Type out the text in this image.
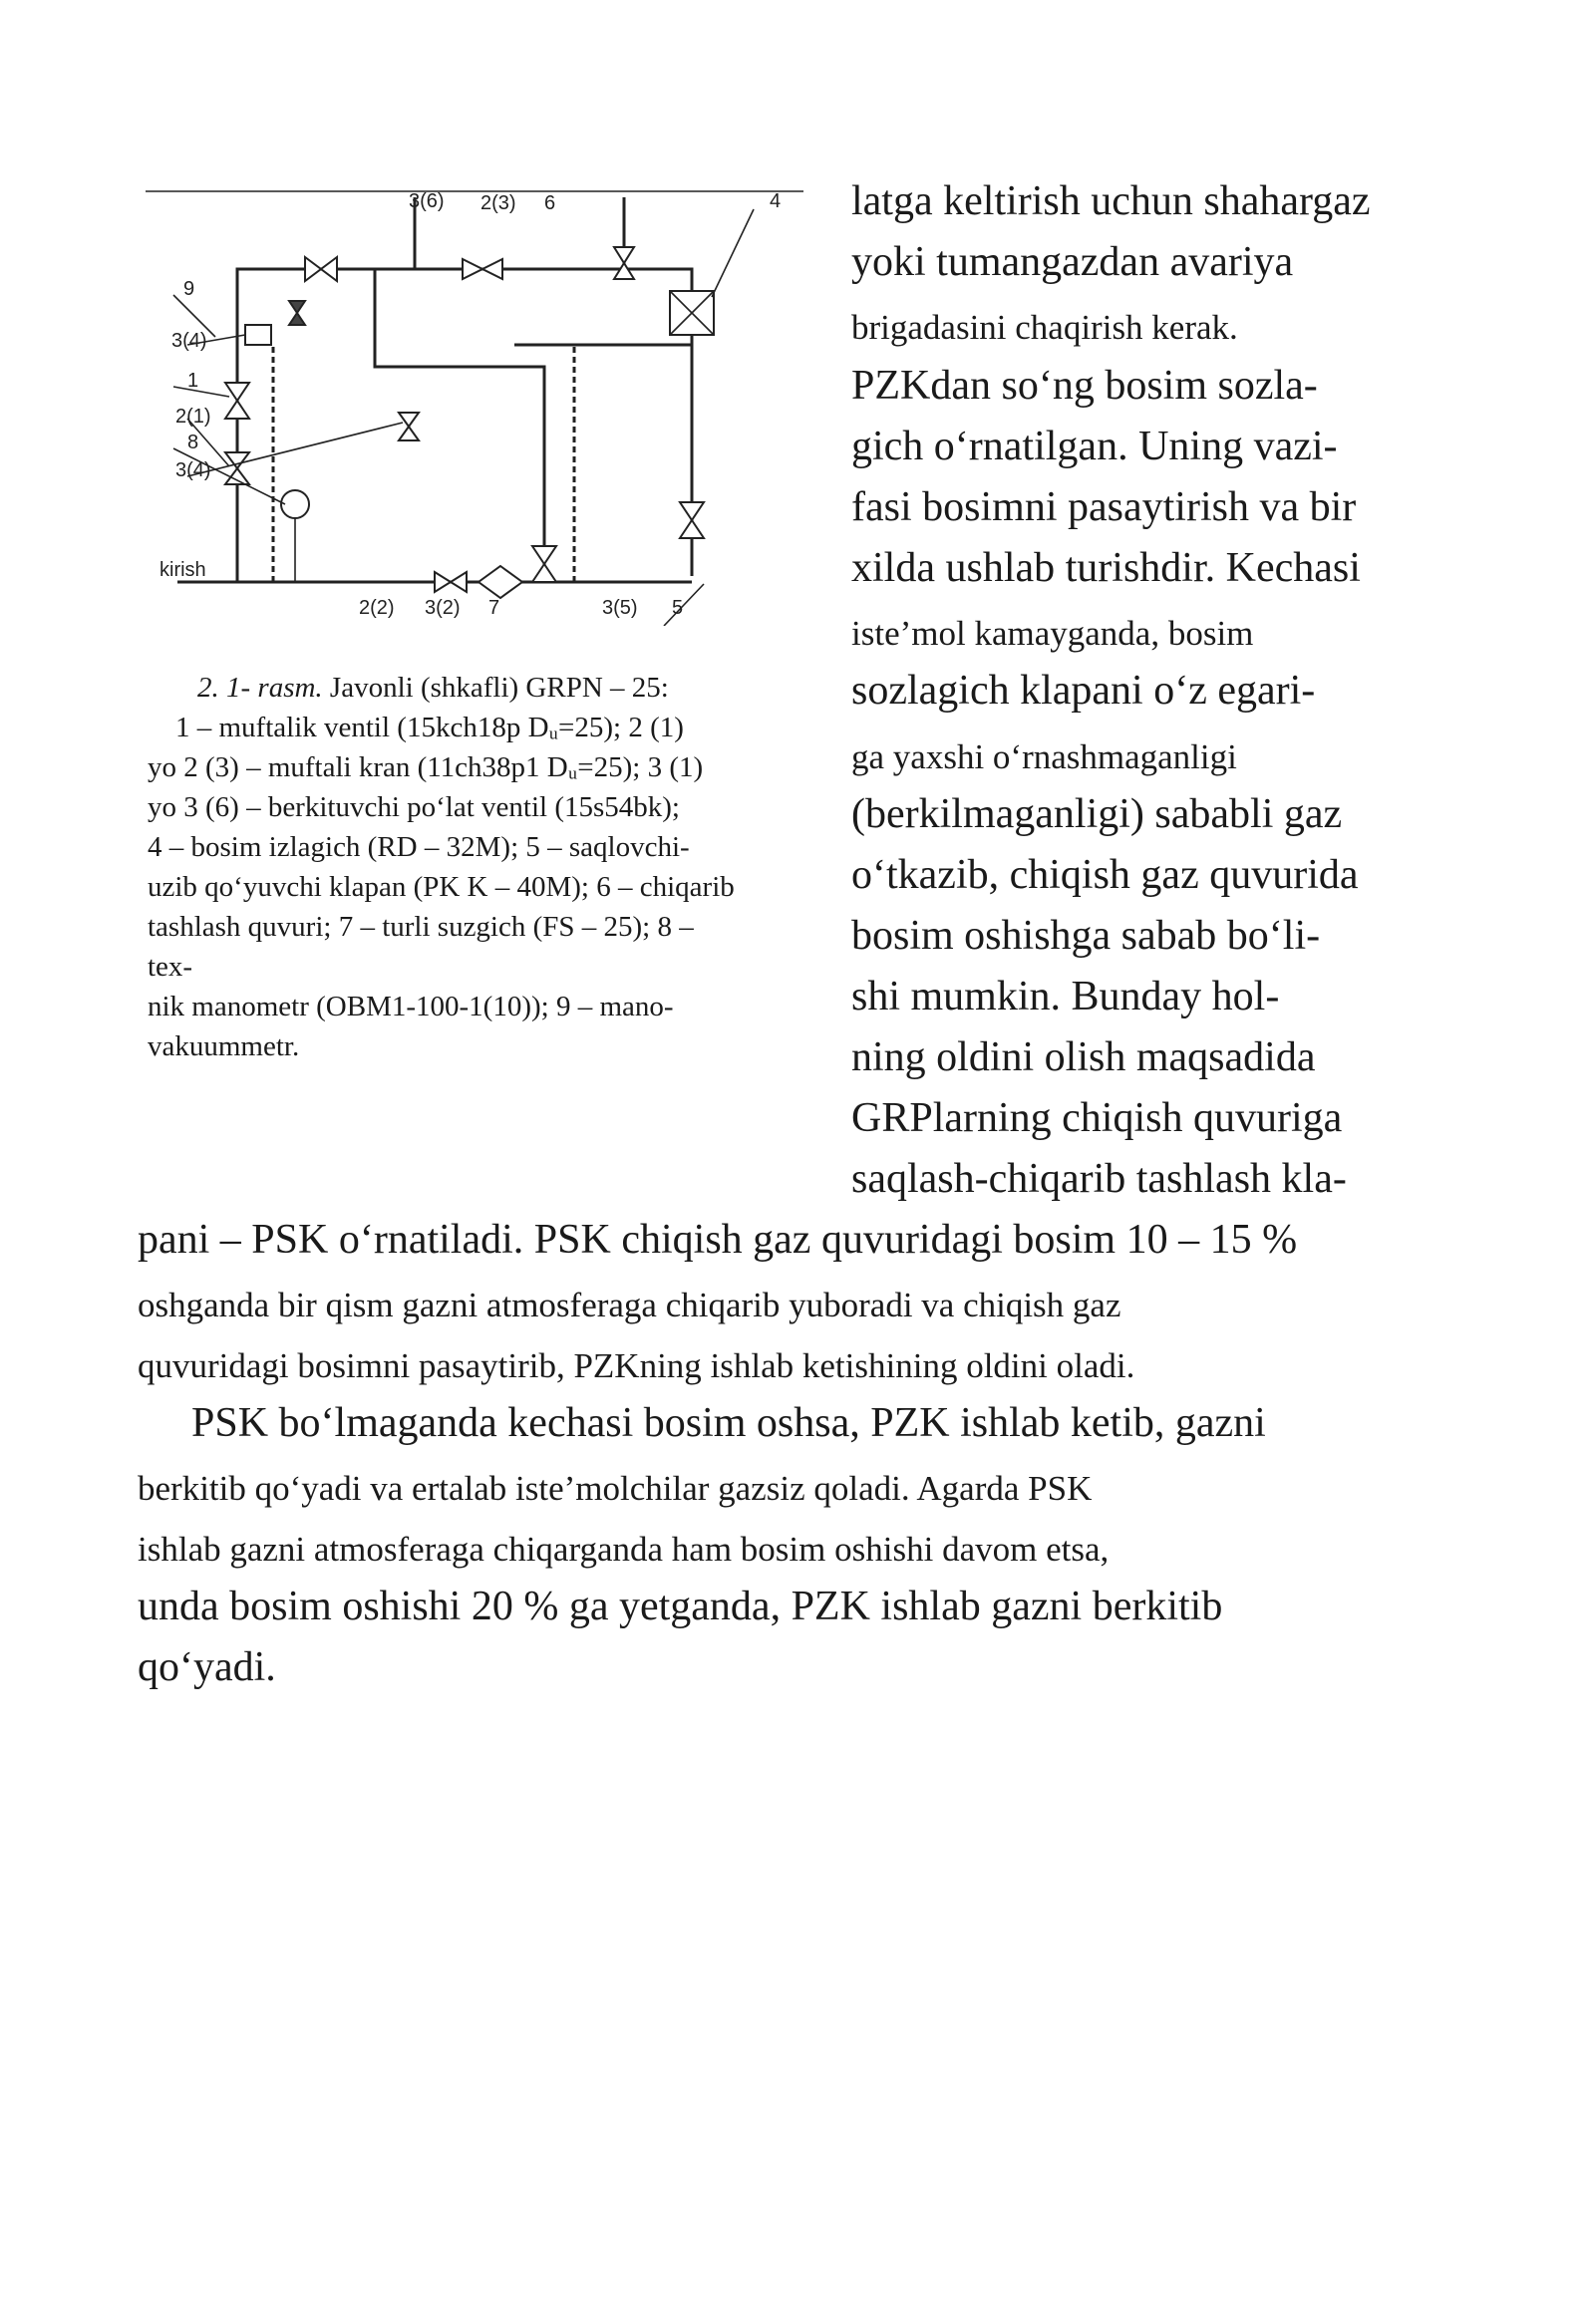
3(6) 2(3) 6	4
9
3(4)
1
2(1)
8
3(4)
kirish
2(2) 3(2) 7	3(5) 5
2. 1- rasm. Javonli (shkafli) GRPN – 25:
1 – muftalik ventil (15kch18p Dᵤ=25); 2 (1)
yo 2 (3) – muftali kran (11ch38p1 Dᵤ=25); 3 (1)
yo 3 (6) – berkituvchi po‘lat ventil (15s54bk);
4 – bosim izlagich (RD – 32M); 5 – saqlovchi-
uzib qo‘yuvchi klapan (PK K – 40M); 6 – chiqarib
tashlash quvuri; 7 – turli suzgich (FS – 25); 8 –
tex-
nik manometr (OBM1-100-1(10)); 9 – mano-
vakuummetr.
latga keltirish uchun shahargaz
yoki tumangazdan avariya
brigadasini chaqirish kerak.
PZKdan so‘ng bosim sozla-
gich o‘rnatilgan. Uning vazi-
fasi bosimni pasaytirish va bir
xilda ushlab turishdir. Kechasi
iste’mol kamayganda, bosim
sozlagich klapani o‘z egari-
ga yaxshi o‘rnashmaganligi
(berkilmaganligi) sababli gaz
o‘tkazib, chiqish gaz quvurida
bosim oshishga sabab bo‘li-
shi mumkin. Bunday hol-
ning oldini olish maqsadida
GRPlarning chiqish quvuriga
saqlash-chiqarib tashlash kla-
pani – PSK o‘rnatiladi. PSK chiqish gaz quvuridagi bosim 10 – 15 %
oshganda bir qism gazni atmosferaga chiqarib yuboradi va chiqish gaz
quvuridagi bosimni pasaytirib, PZKning ishlab ketishining oldini oladi.
PSK bo‘lmaganda kechasi bosim oshsa, PZK ishlab ketib, gazni
berkitib qo‘yadi va ertalab iste’molchilar gazsiz qoladi. Agarda PSK
ishlab gazni atmosferaga chiqarganda ham bosim oshishi davom etsa,
unda bosim oshishi 20 % ga yetganda, PZK ishlab gazni berkitib
qo‘yadi.
